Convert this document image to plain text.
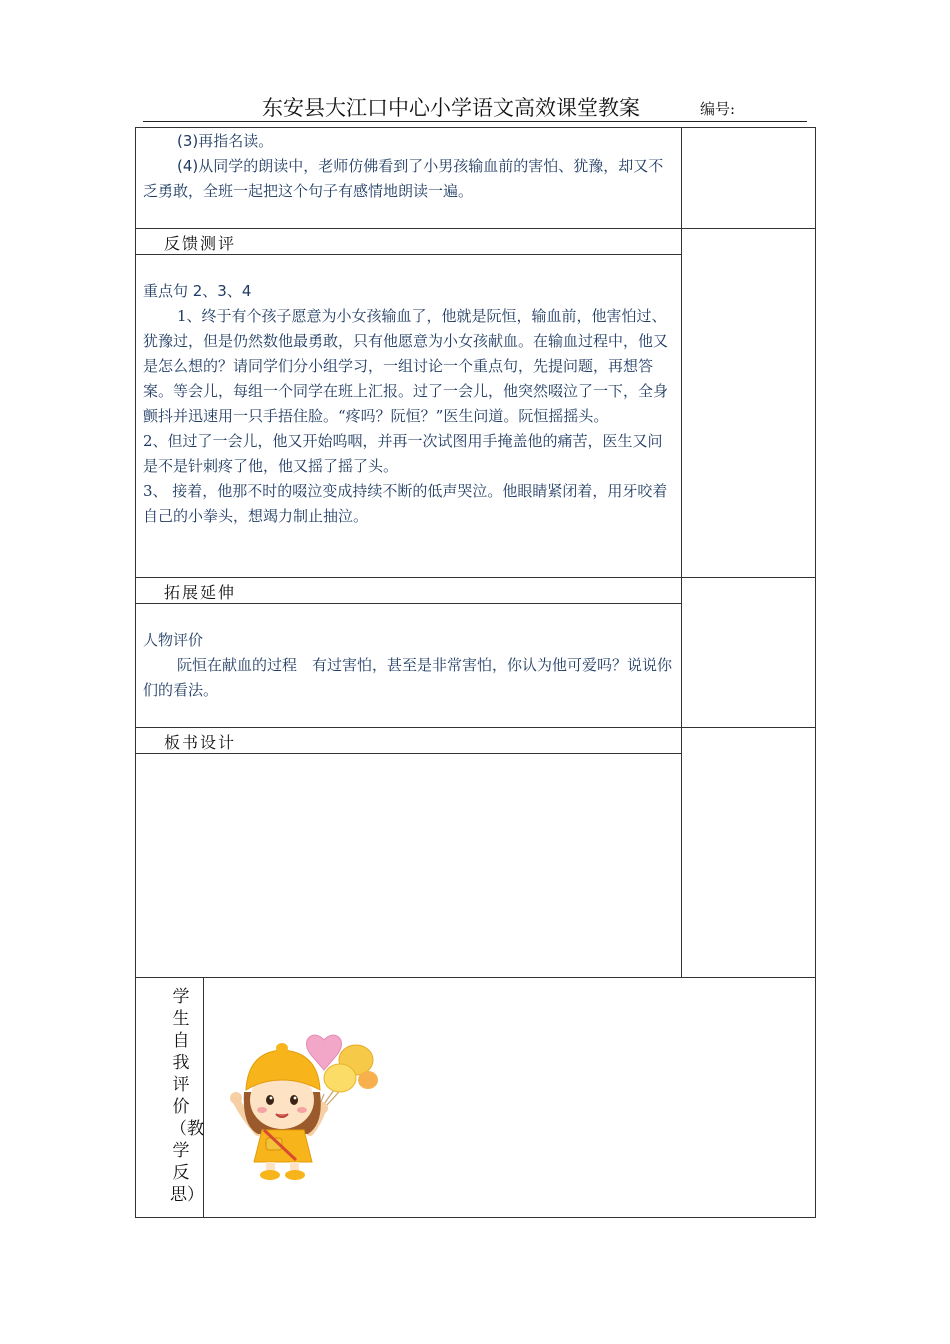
东安县大江口中心小学语文高效课堂教案	编号:

(3)再指名读。

(4)从同学的朗读中，老师仿佛看到了小男孩输血前的害怕、犹豫，却又不乏勇敢，全班一起把这个句子有感情地朗读一遍。

反馈测评

重点句 2、3、4

1、终于有个孩子愿意为小女孩输血了，他就是阮恒，输血前，他害怕过、犹豫过，但是仍然数他最勇敢，只有他愿意为小女孩献血。在输血过程中，他又是怎么想的？请同学们分小组学习，一组讨论一个重点句，先提问题，再想答案。等会儿，每组一个同学在班上汇报。过了一会儿，他突然啜泣了一下，全身颤抖并迅速用一只手捂住脸。“疼吗？阮恒？”医生问道。阮恒摇摇头。

2、但过了一会儿，他又开始呜咽，并再一次试图用手掩盖他的痛苦，医生又问是不是针刺疼了他，他又摇了摇了头。

3、 接着，他那不时的啜泣变成持续不断的低声哭泣。他眼睛紧闭着，用牙咬着自己的小拳头，想竭力制止抽泣。

拓展延伸

人物评价

阮恒在献血的过程　有过害怕，甚至是非常害怕，你认为他可爱吗？说说你们的看法。

板书设计
学生自我评价（教学反思）
